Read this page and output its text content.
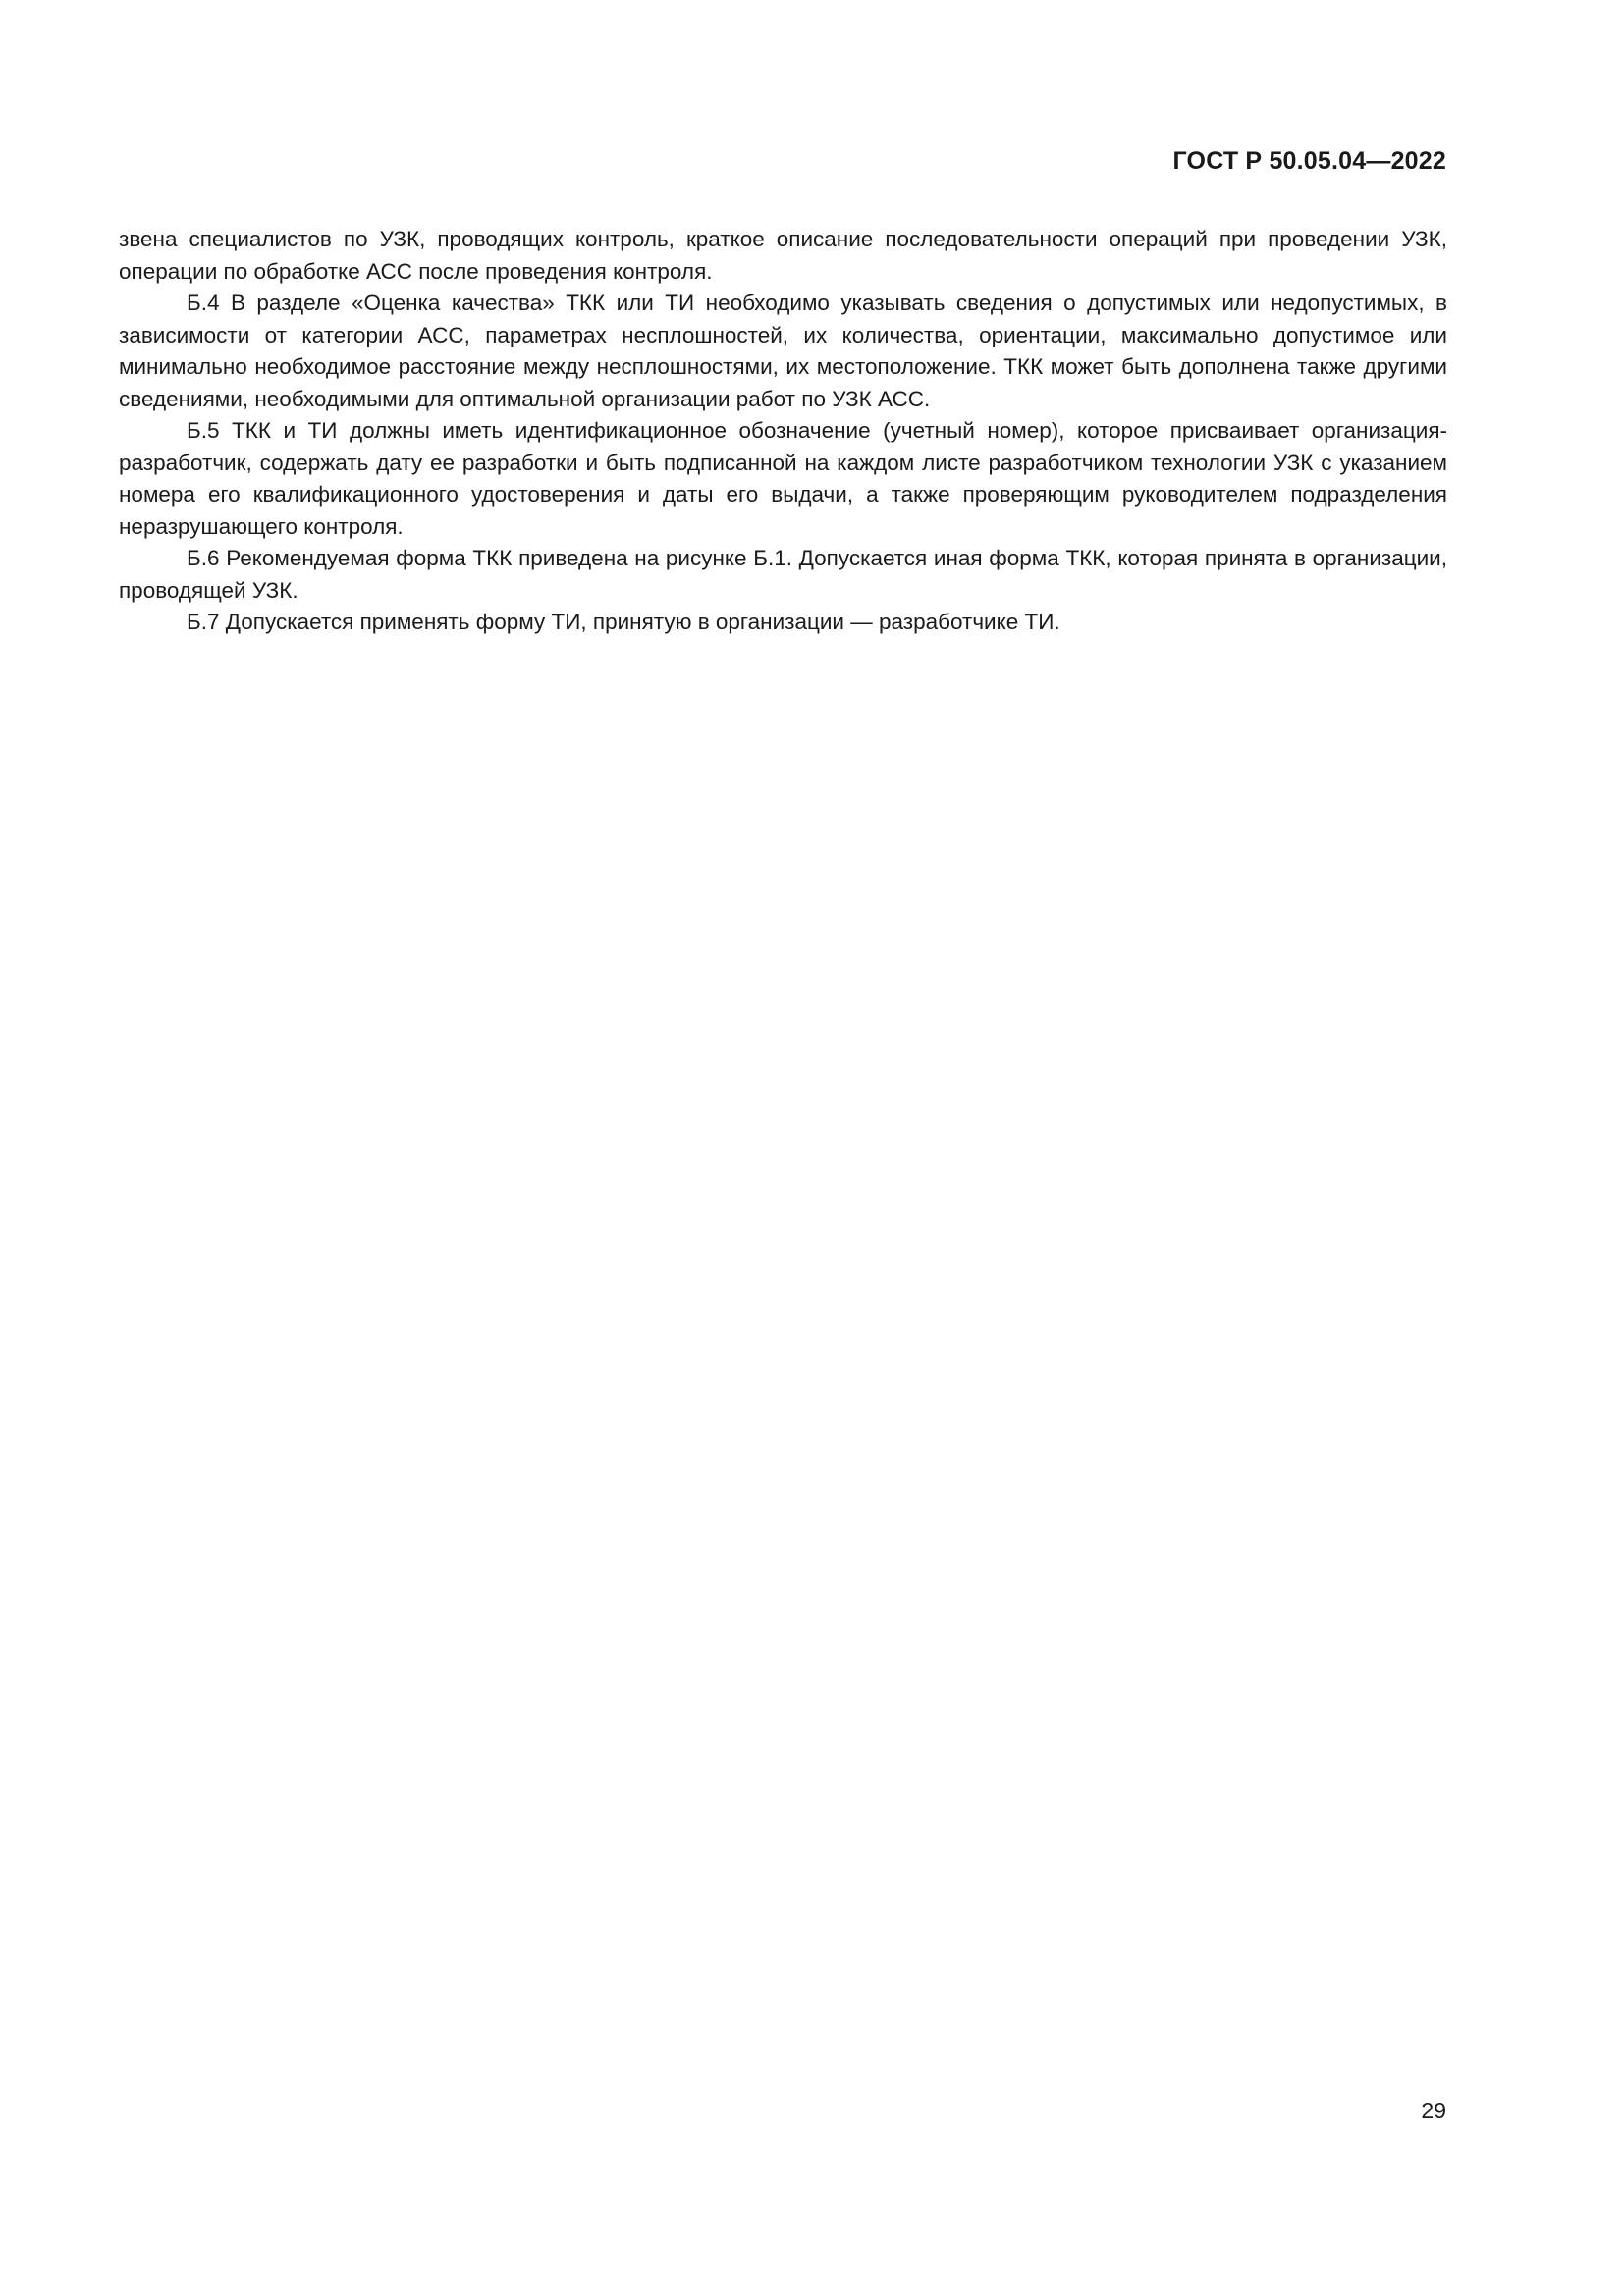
ГОСТ Р 50.05.04—2022

звена специалистов по УЗК, проводящих контроль, краткое описание последовательности операций при проведении УЗК, операции по обработке АСС после проведения контроля.

Б.4 В разделе «Оценка качества» ТКК или ТИ необходимо указывать сведения о допустимых или недопустимых, в зависимости от категории АСС, параметрах несплошностей, их количества, ориентации, максимально допустимое или минимально необходимое расстояние между несплошностями, их местоположение. ТКК может быть дополнена также другими сведениями, необходимыми для оптимальной организации работ по УЗК АСС.

Б.5 ТКК и ТИ должны иметь идентификационное обозначение (учетный номер), которое присваивает организация-разработчик, содержать дату ее разработки и быть подписанной на каждом листе разработчиком технологии УЗК с указанием номера его квалификационного удостоверения и даты его выдачи, а также проверяющим руководителем подразделения неразрушающего контроля.

Б.6 Рекомендуемая форма ТКК приведена на рисунке Б.1. Допускается иная форма ТКК, которая принята в организации, проводящей УЗК.

Б.7 Допускается применять форму ТИ, принятую в организации — разработчике ТИ.

29
